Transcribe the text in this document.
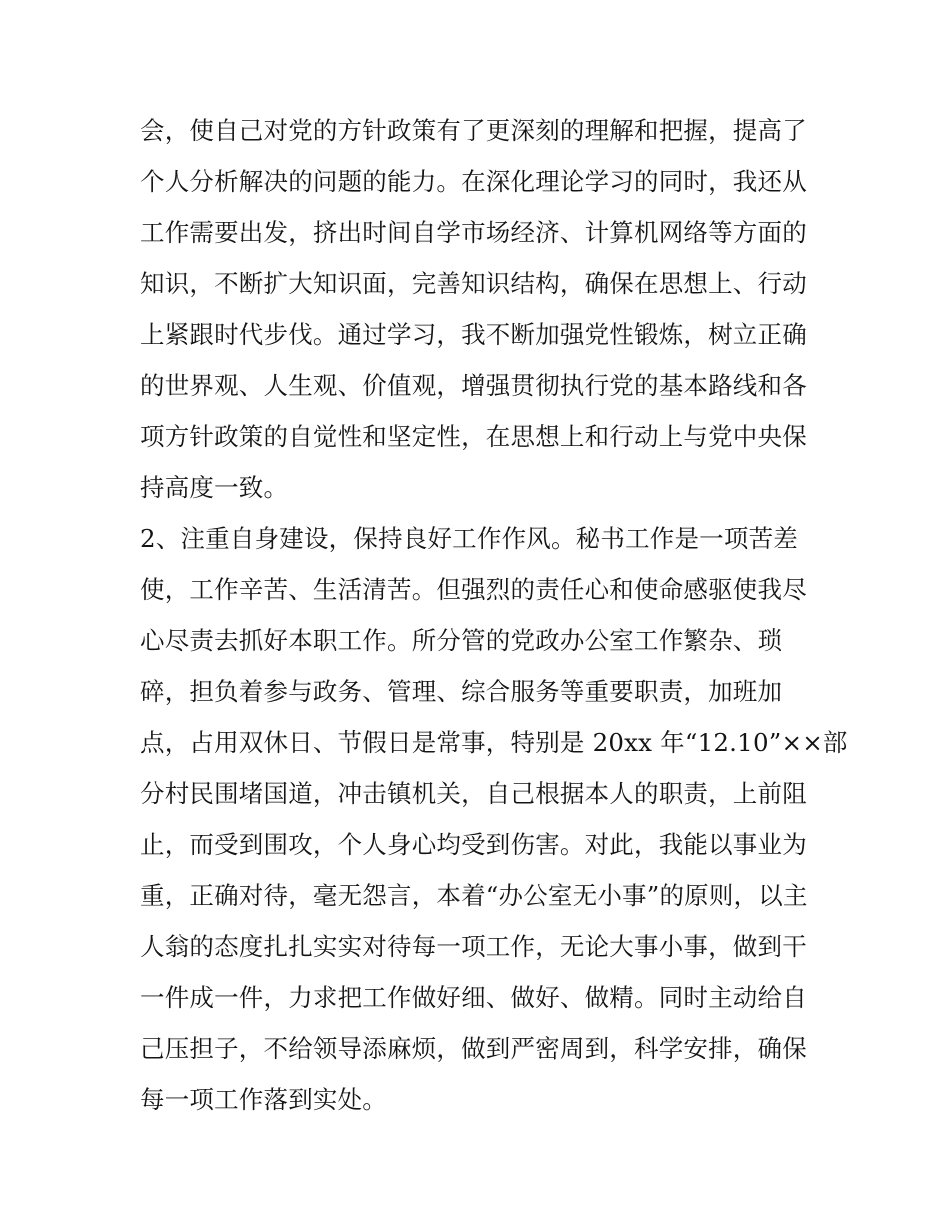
会，使自己对党的方针政策有了更深刻的理解和把握，提高了
个人分析解决的问题的能力。在深化理论学习的同时，我还从
工作需要出发，挤出时间自学市场经济、计算机网络等方面的
知识，不断扩大知识面，完善知识结构，确保在思想上、行动
上紧跟时代步伐。通过学习，我不断加强党性锻炼，树立正确
的世界观、人生观、价值观，增强贯彻执行党的基本路线和各
项方针政策的自觉性和坚定性，在思想上和行动上与党中央保
持高度一致。
2、注重自身建设，保持良好工作作风。秘书工作是一项苦差
使，工作辛苦、生活清苦。但强烈的责任心和使命感驱使我尽
心尽责去抓好本职工作。所分管的党政办公室工作繁杂、琐
碎，担负着参与政务、管理、综合服务等重要职责，加班加
点，占用双休日、节假日是常事，特别是 20xx 年“12.10”××部
分村民围堵国道，冲击镇机关，自己根据本人的职责，上前阻
止，而受到围攻，个人身心均受到伤害。对此，我能以事业为
重，正确对待，毫无怨言，本着“办公室无小事”的原则，以主
人翁的态度扎扎实实对待每一项工作，无论大事小事，做到干
一件成一件，力求把工作做好细、做好、做精。同时主动给自
己压担子，不给领导添麻烦，做到严密周到，科学安排，确保
每一项工作落到实处。
